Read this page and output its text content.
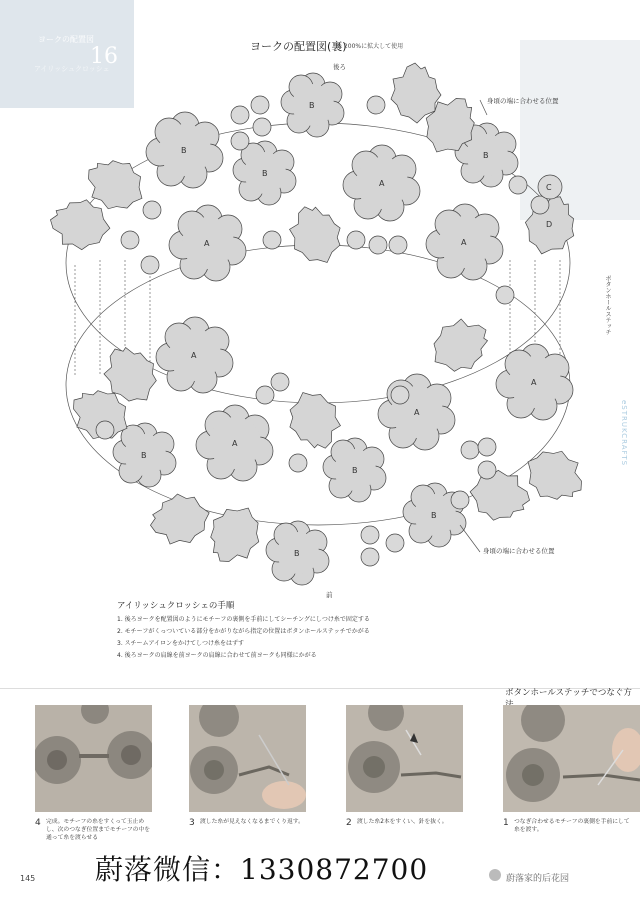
ヨークの配置図
16
アイリッシュクロッシェ
ヨークの配置図(裏)
※ 200%に拡大して使用
後ろ
身頃の端に合わせる位置
身頃の端に合わせる位置
前
ボタンホールステッチ
eSTRUKCRAFTS
B
B
B
A
B
A	A
C
D
A
A
A
A
B
B
B
B
アイリッシュクロッシェの手順
1. 後ろヨークを配置図のようにモチーフの裏側を手前にしてシーチングにしつけ糸で固定する
2. モチーフがくっついている部分をかがりながら指定の位置はボタンホールステッチでかがる
3. スチームアイロンをかけてしつけ糸をはずす
4. 後ろヨークの肩線を前ヨークの肩線に合わせて前ヨークも同様にかがる
ボタンホールステッチでつなぐ方
4 完成。モチーフの糸をすくって玉止めし、次のつなぎ位置までモチーフの中を通って糸を渡らせる
3 渡した糸が見えなくなるまでくり返す。	2 渡した糸2本をすくい、針を抜く。	1 つなぎ合わせるモチーフの裏側を手前にして糸を渡す。
145 蔚落微信：1330872700	蔚落家的后花园
